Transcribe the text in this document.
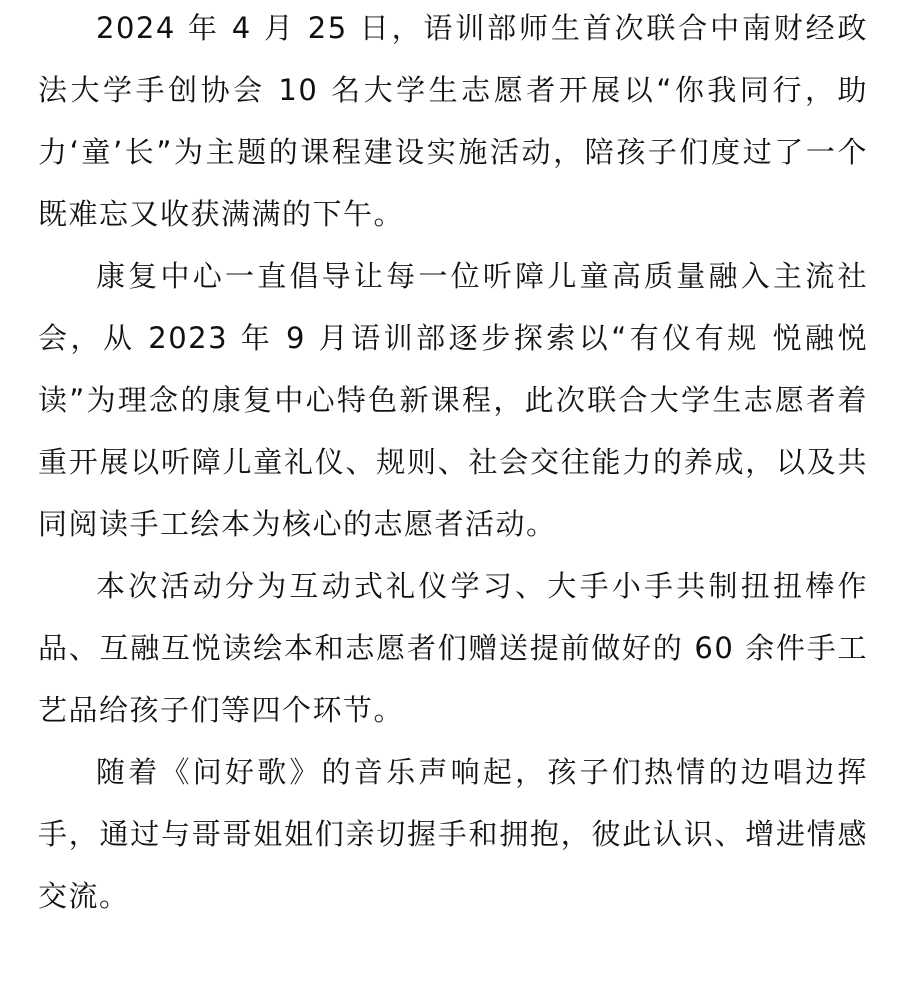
2024 年 4 月 25 日，语训部师生首次联合中南财经政法大学手创协会 10 名大学生志愿者开展以“你我同行，助力‘童’长”为主题的课程建设实施活动，陪孩子们度过了一个既难忘又收获满满的下午。

康复中心一直倡导让每一位听障儿童高质量融入主流社会，从 2023 年 9 月语训部逐步探索以“有仪有规 悦融悦读”为理念的康复中心特色新课程，此次联合大学生志愿者着重开展以听障儿童礼仪、规则、社会交往能力的养成，以及共同阅读手工绘本为核心的志愿者活动。

本次活动分为互动式礼仪学习、大手小手共制扭扭棒作品、互融互悦读绘本和志愿者们赠送提前做好的 60 余件手工艺品给孩子们等四个环节。

随着《问好歌》的音乐声响起，孩子们热情的边唱边挥手，通过与哥哥姐姐们亲切握手和拥抱，彼此认识、增进情感交流。
